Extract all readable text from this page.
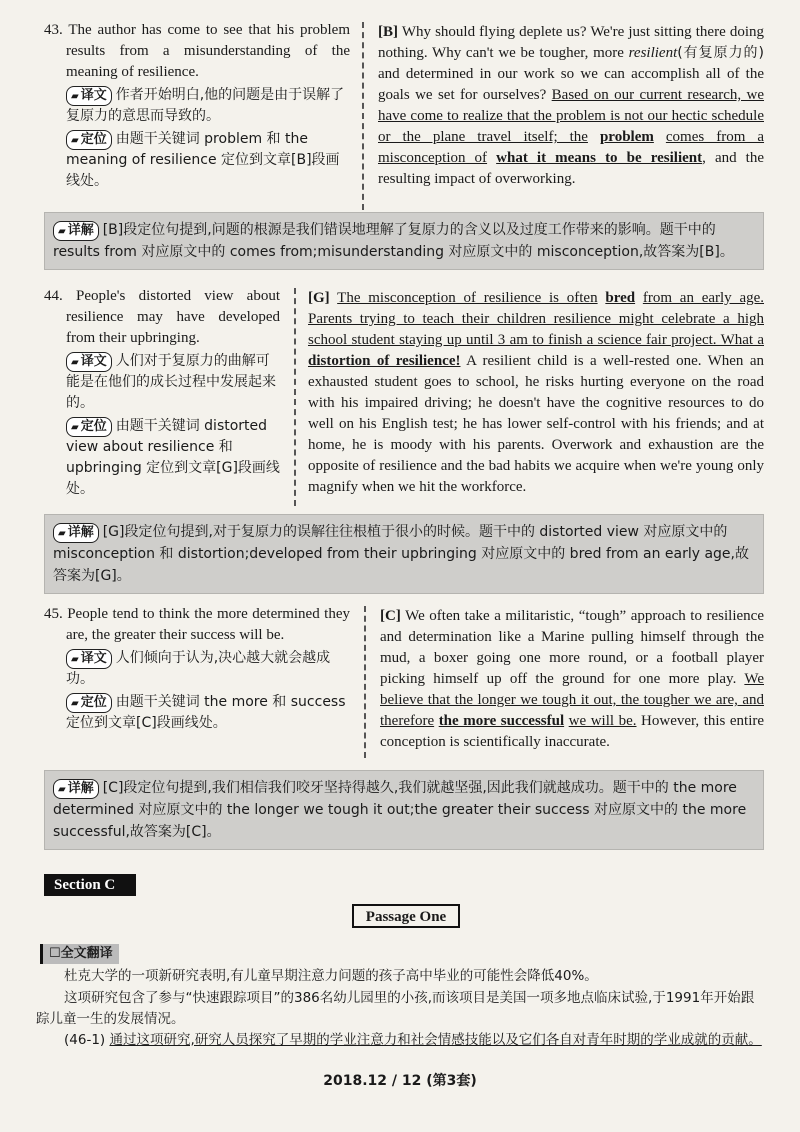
43. The author has come to see that his problem results from a misunderstanding of the meaning of resilience.
▰ 译文 作者开始明白,他的问题是由于误解了复原力的意思而导致的。
▰ 定位 由题干关键词 problem 和 the meaning of resilience 定位到文章[B]段画线处。
[B] Why should flying deplete us? We're just sitting there doing nothing. Why can't we be tougher, more resilient(有复原力的) and determined in our work so we can accomplish all of the goals we set for ourselves? Based on our current research, we have come to realize that the problem is not our hectic schedule or the plane travel itself; the problem comes from a misconception of what it means to be resilient, and the resulting impact of overworking.
▰ 详解 [B]段定位句提到,问题的根源是我们错误地理解了复原力的含义以及过度工作带来的影响。题干中的 results from 对应原文中的 comes from;misunderstanding 对应原文中的 misconception,故答案为[B]。
44. People's distorted view about resilience may have developed from their upbringing.
▰ 译文 人们对于复原力的曲解可能是在他们的成长过程中发展起来的。
▰ 定位 由题干关键词 distorted view about resilience 和 upbringing 定位到文章[G]段画线处。
[G] The misconception of resilience is often bred from an early age. Parents trying to teach their children resilience might celebrate a high school student staying up until 3 am to finish a science fair project. What a distortion of resilience! A resilient child is a well-rested one. When an exhausted student goes to school, he risks hurting everyone on the road with his impaired driving; he doesn't have the cognitive resources to do well on his English test; he has lower self-control with his friends; and at home, he is moody with his parents. Overwork and exhaustion are the opposite of resilience and the bad habits we acquire when we're young only magnify when we hit the workforce.
▰ 详解 [G]段定位句提到,对于复原力的误解往往根植于很小的时候。题干中的 distorted view 对应原文中的 misconception 和 distortion;developed from their upbringing 对应原文中的 bred from an early age,故答案为[G]。
45. People tend to think the more determined they are, the greater their success will be.
▰ 译文 人们倾向于认为,决心越大就会越成功。
▰ 定位 由题干关键词 the more 和 success 定位到文章[C]段画线处。
[C] We often take a militaristic, “tough” approach to resilience and determination like a Marine pulling himself through the mud, a boxer going one more round, or a football player picking himself up off the ground for one more play. We believe that the longer we tough it out, the tougher we are, and therefore the more successful we will be. However, this entire conception is scientifically inaccurate.
▰ 详解 [C]段定位句提到,我们相信我们咬牙坚持得越久,我们就越坚强,因此我们就越成功。题干中的 the more determined 对应原文中的 the longer we tough it out;the greater their success 对应原文中的 the more successful,故答案为[C]。
Section C
Passage One
☐全文翻译
杜克大学的一项新研究表明,有儿童早期注意力问题的孩子高中毕业的可能性会降低40%。
这项研究包含了参与“快速跟踪项目”的386名幼儿园里的小孩,而该项目是美国一项多地点临床试验,于1991年开始跟踪儿童一生的发展情况。
(46-1) 通过这项研究,研究人员探究了早期的学业注意力和社会情感技能以及它们各自对青年时期的学业成就的贡献。
2018.12 / 12 (第3套)
